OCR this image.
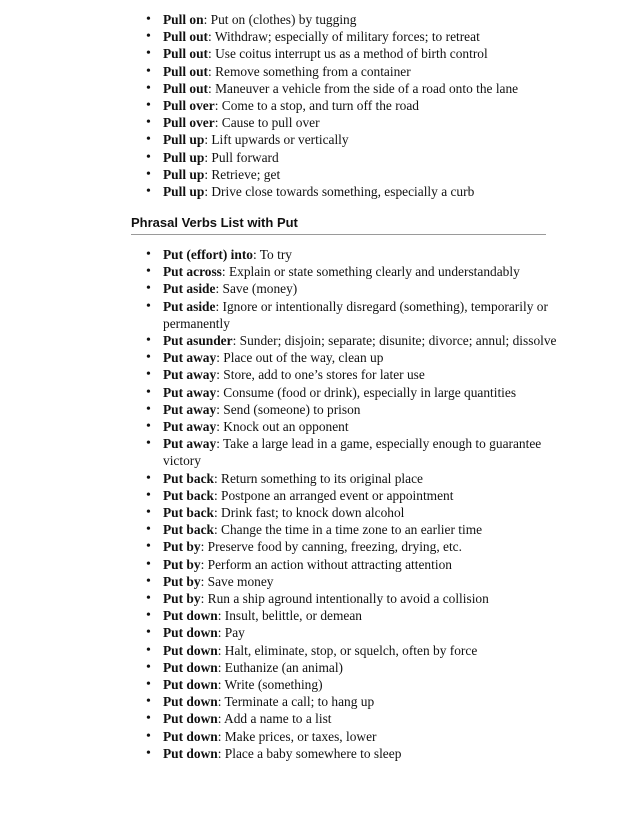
• Pull on: Put on (clothes) by tugging
• Pull out: Withdraw; especially of military forces; to retreat
• Pull out: Use coitus interrupt us as a method of birth control
• Pull out: Remove something from a container
• Pull out: Maneuver a vehicle from the side of a road onto the lane
• Pull over: Come to a stop, and turn off the road
• Pull over: Cause to pull over
• Pull up: Lift upwards or vertically
• Pull up: Pull forward
• Pull up: Retrieve; get
• Pull up: Drive close towards something, especially a curb
Phrasal Verbs List with Put
• Put (effort) into: To try
• Put across: Explain or state something clearly and understandably
• Put aside: Save (money)
• Put aside: Ignore or intentionally disregard (something), temporarily or permanently
• Put asunder: Sunder; disjoin; separate; disunite; divorce; annul; dissolve
• Put away: Place out of the way, clean up
• Put away: Store, add to one’s stores for later use
• Put away: Consume (food or drink), especially in large quantities
• Put away: Send (someone) to prison
• Put away: Knock out an opponent
• Put away: Take a large lead in a game, especially enough to guarantee victory
• Put back: Return something to its original place
• Put back: Postpone an arranged event or appointment
• Put back: Drink fast; to knock down alcohol
• Put back: Change the time in a time zone to an earlier time
• Put by: Preserve food by canning, freezing, drying, etc.
• Put by: Perform an action without attracting attention
• Put by: Save money
• Put by: Run a ship aground intentionally to avoid a collision
• Put down: Insult, belittle, or demean
• Put down: Pay
• Put down: Halt, eliminate, stop, or squelch, often by force
• Put down: Euthanize (an animal)
• Put down: Write (something)
• Put down: Terminate a call; to hang up
• Put down: Add a name to a list
• Put down: Make prices, or taxes, lower
• Put down: Place a baby somewhere to sleep
